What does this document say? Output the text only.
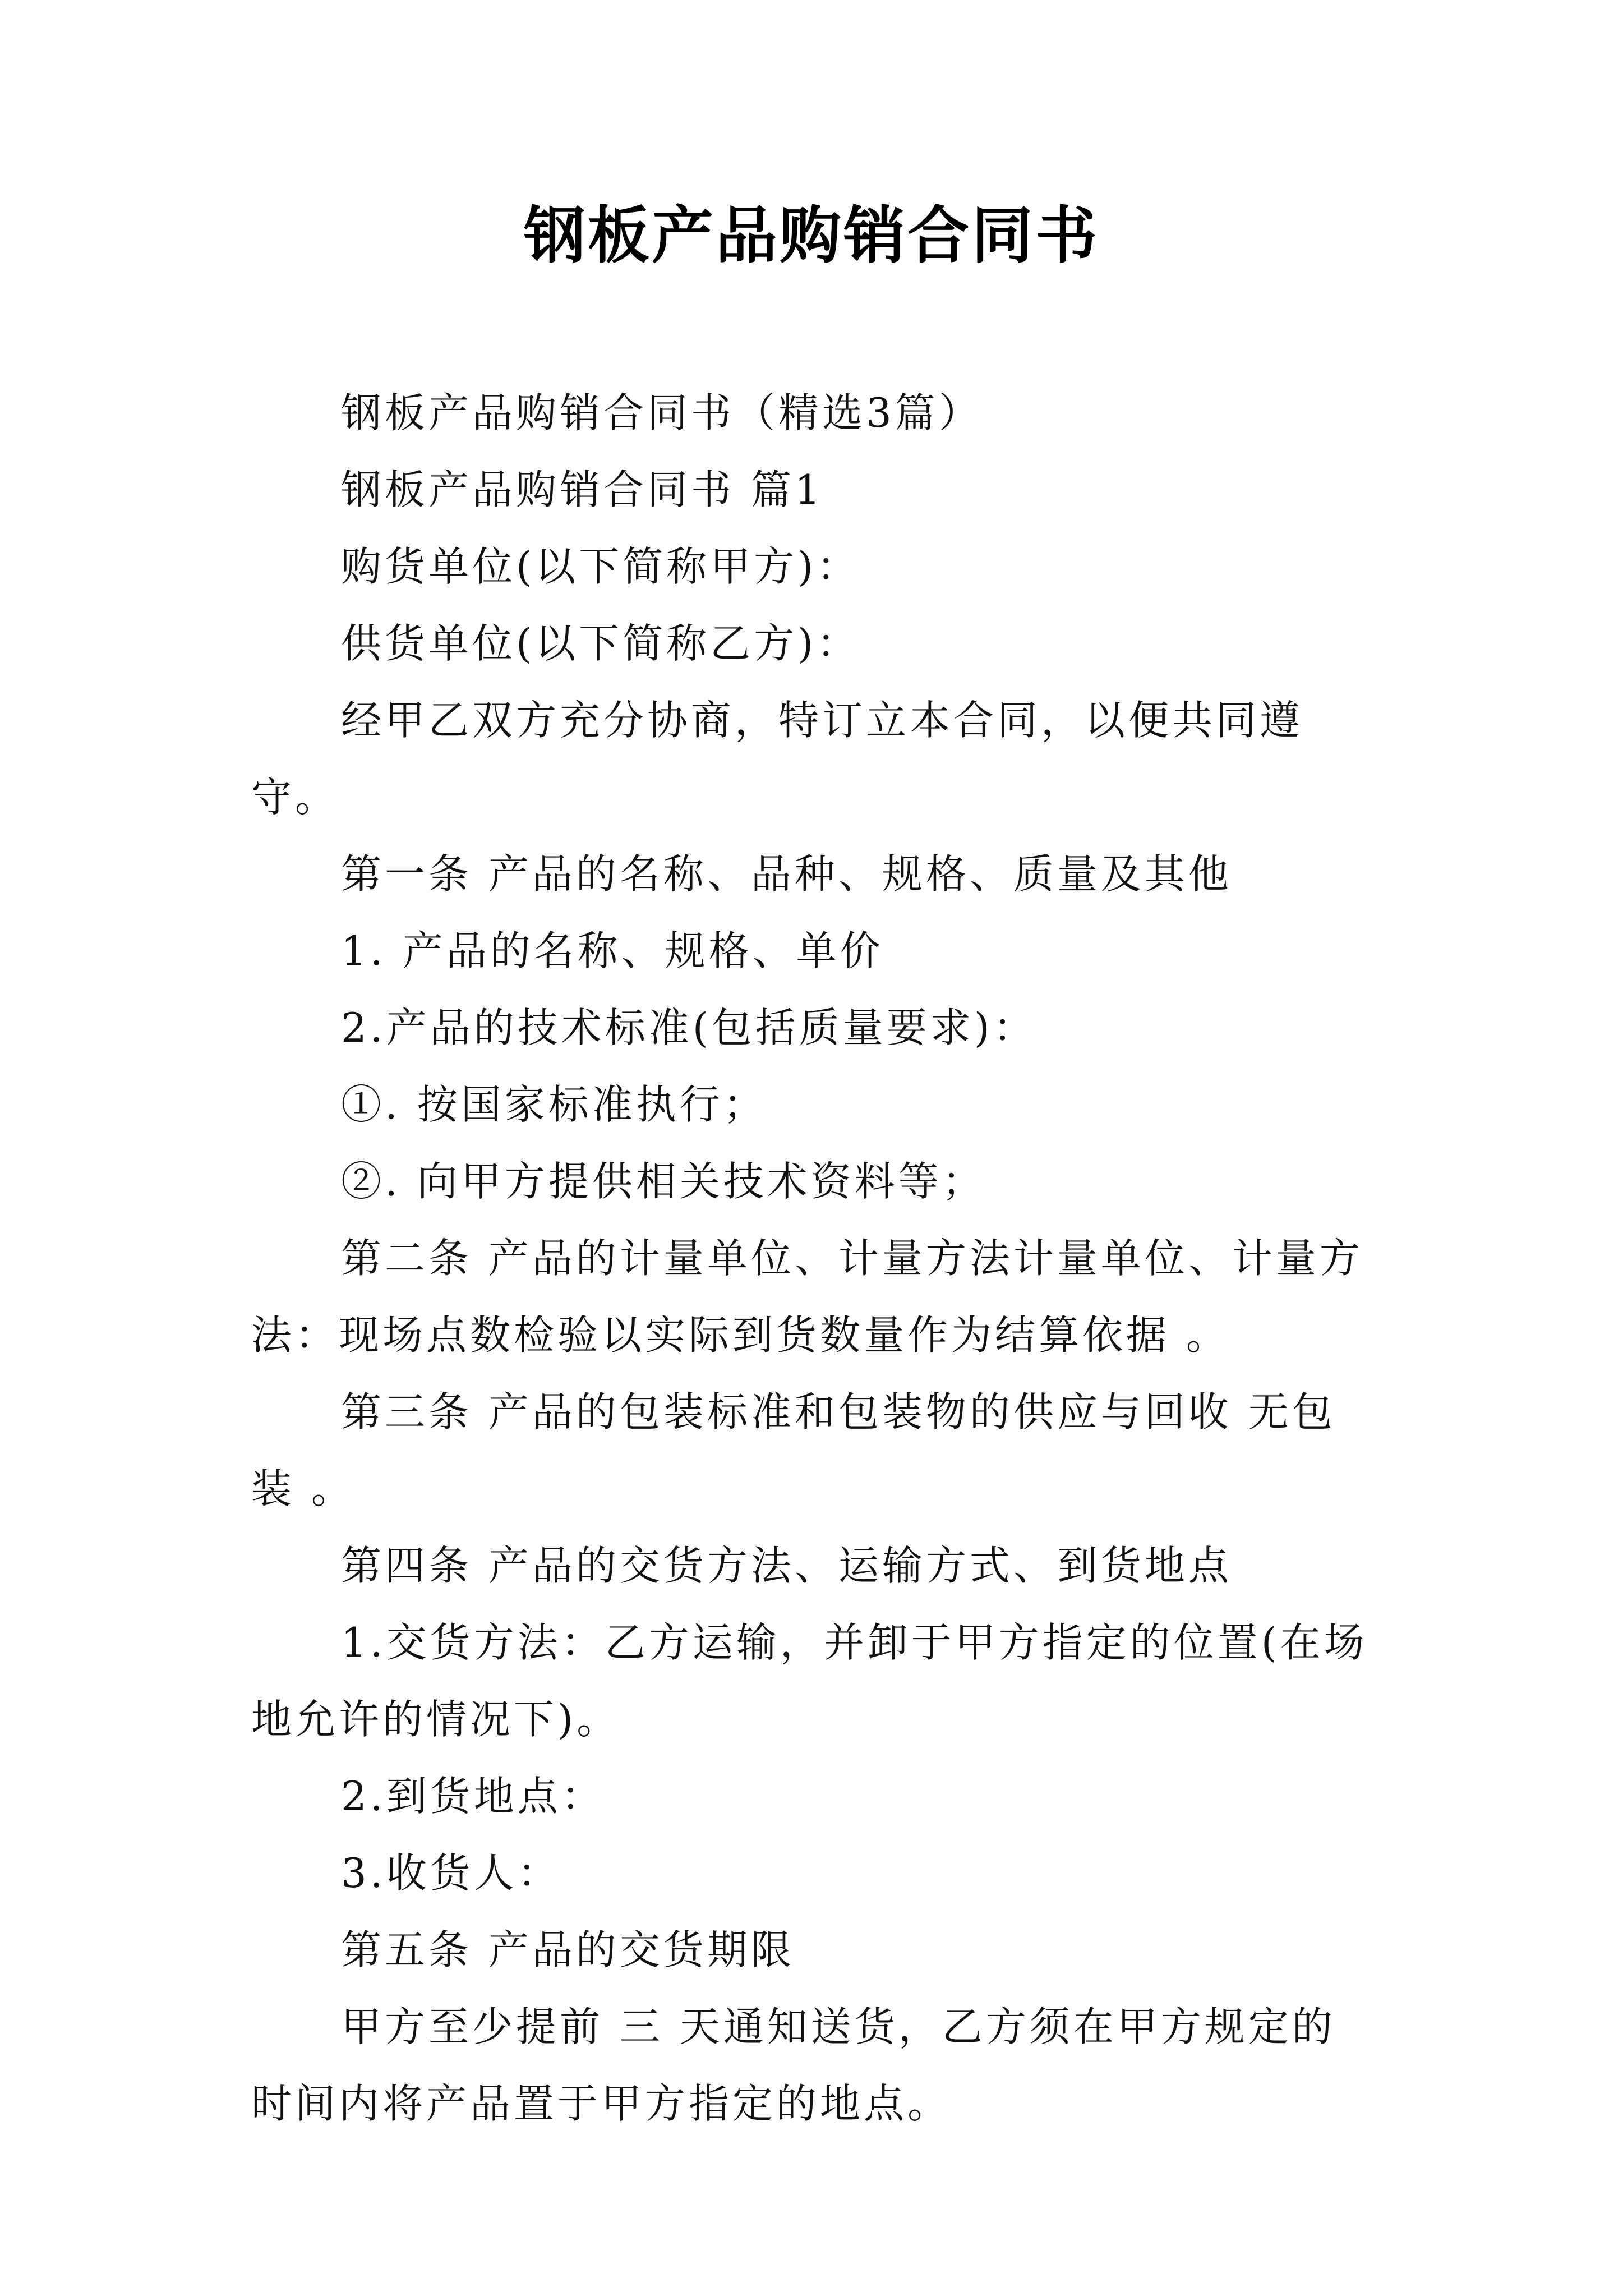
钢板产品购销合同书

钢板产品购销合同书（精选3篇）

钢板产品购销合同书 篇1

购货单位(以下简称甲方)：

供货单位(以下简称乙方)：

经甲乙双方充分协商，特订立本合同，以便共同遵守。

第一条 产品的名称、品种、规格、质量及其他

1. 产品的名称、规格、单价

2.产品的技术标准(包括质量要求)：

①. 按国家标准执行；

②. 向甲方提供相关技术资料等；

第二条 产品的计量单位、计量方法计量单位、计量方法：现场点数检验以实际到货数量作为结算依据 。

第三条 产品的包装标准和包装物的供应与回收 无包装 。

第四条 产品的交货方法、运输方式、到货地点

1.交货方法：乙方运输，并卸于甲方指定的位置(在场地允许的情况下)。

2.到货地点：

3.收货人：

第五条 产品的交货期限

甲方至少提前 三 天通知送货，乙方须在甲方规定的时间内将产品置于甲方指定的地点。
